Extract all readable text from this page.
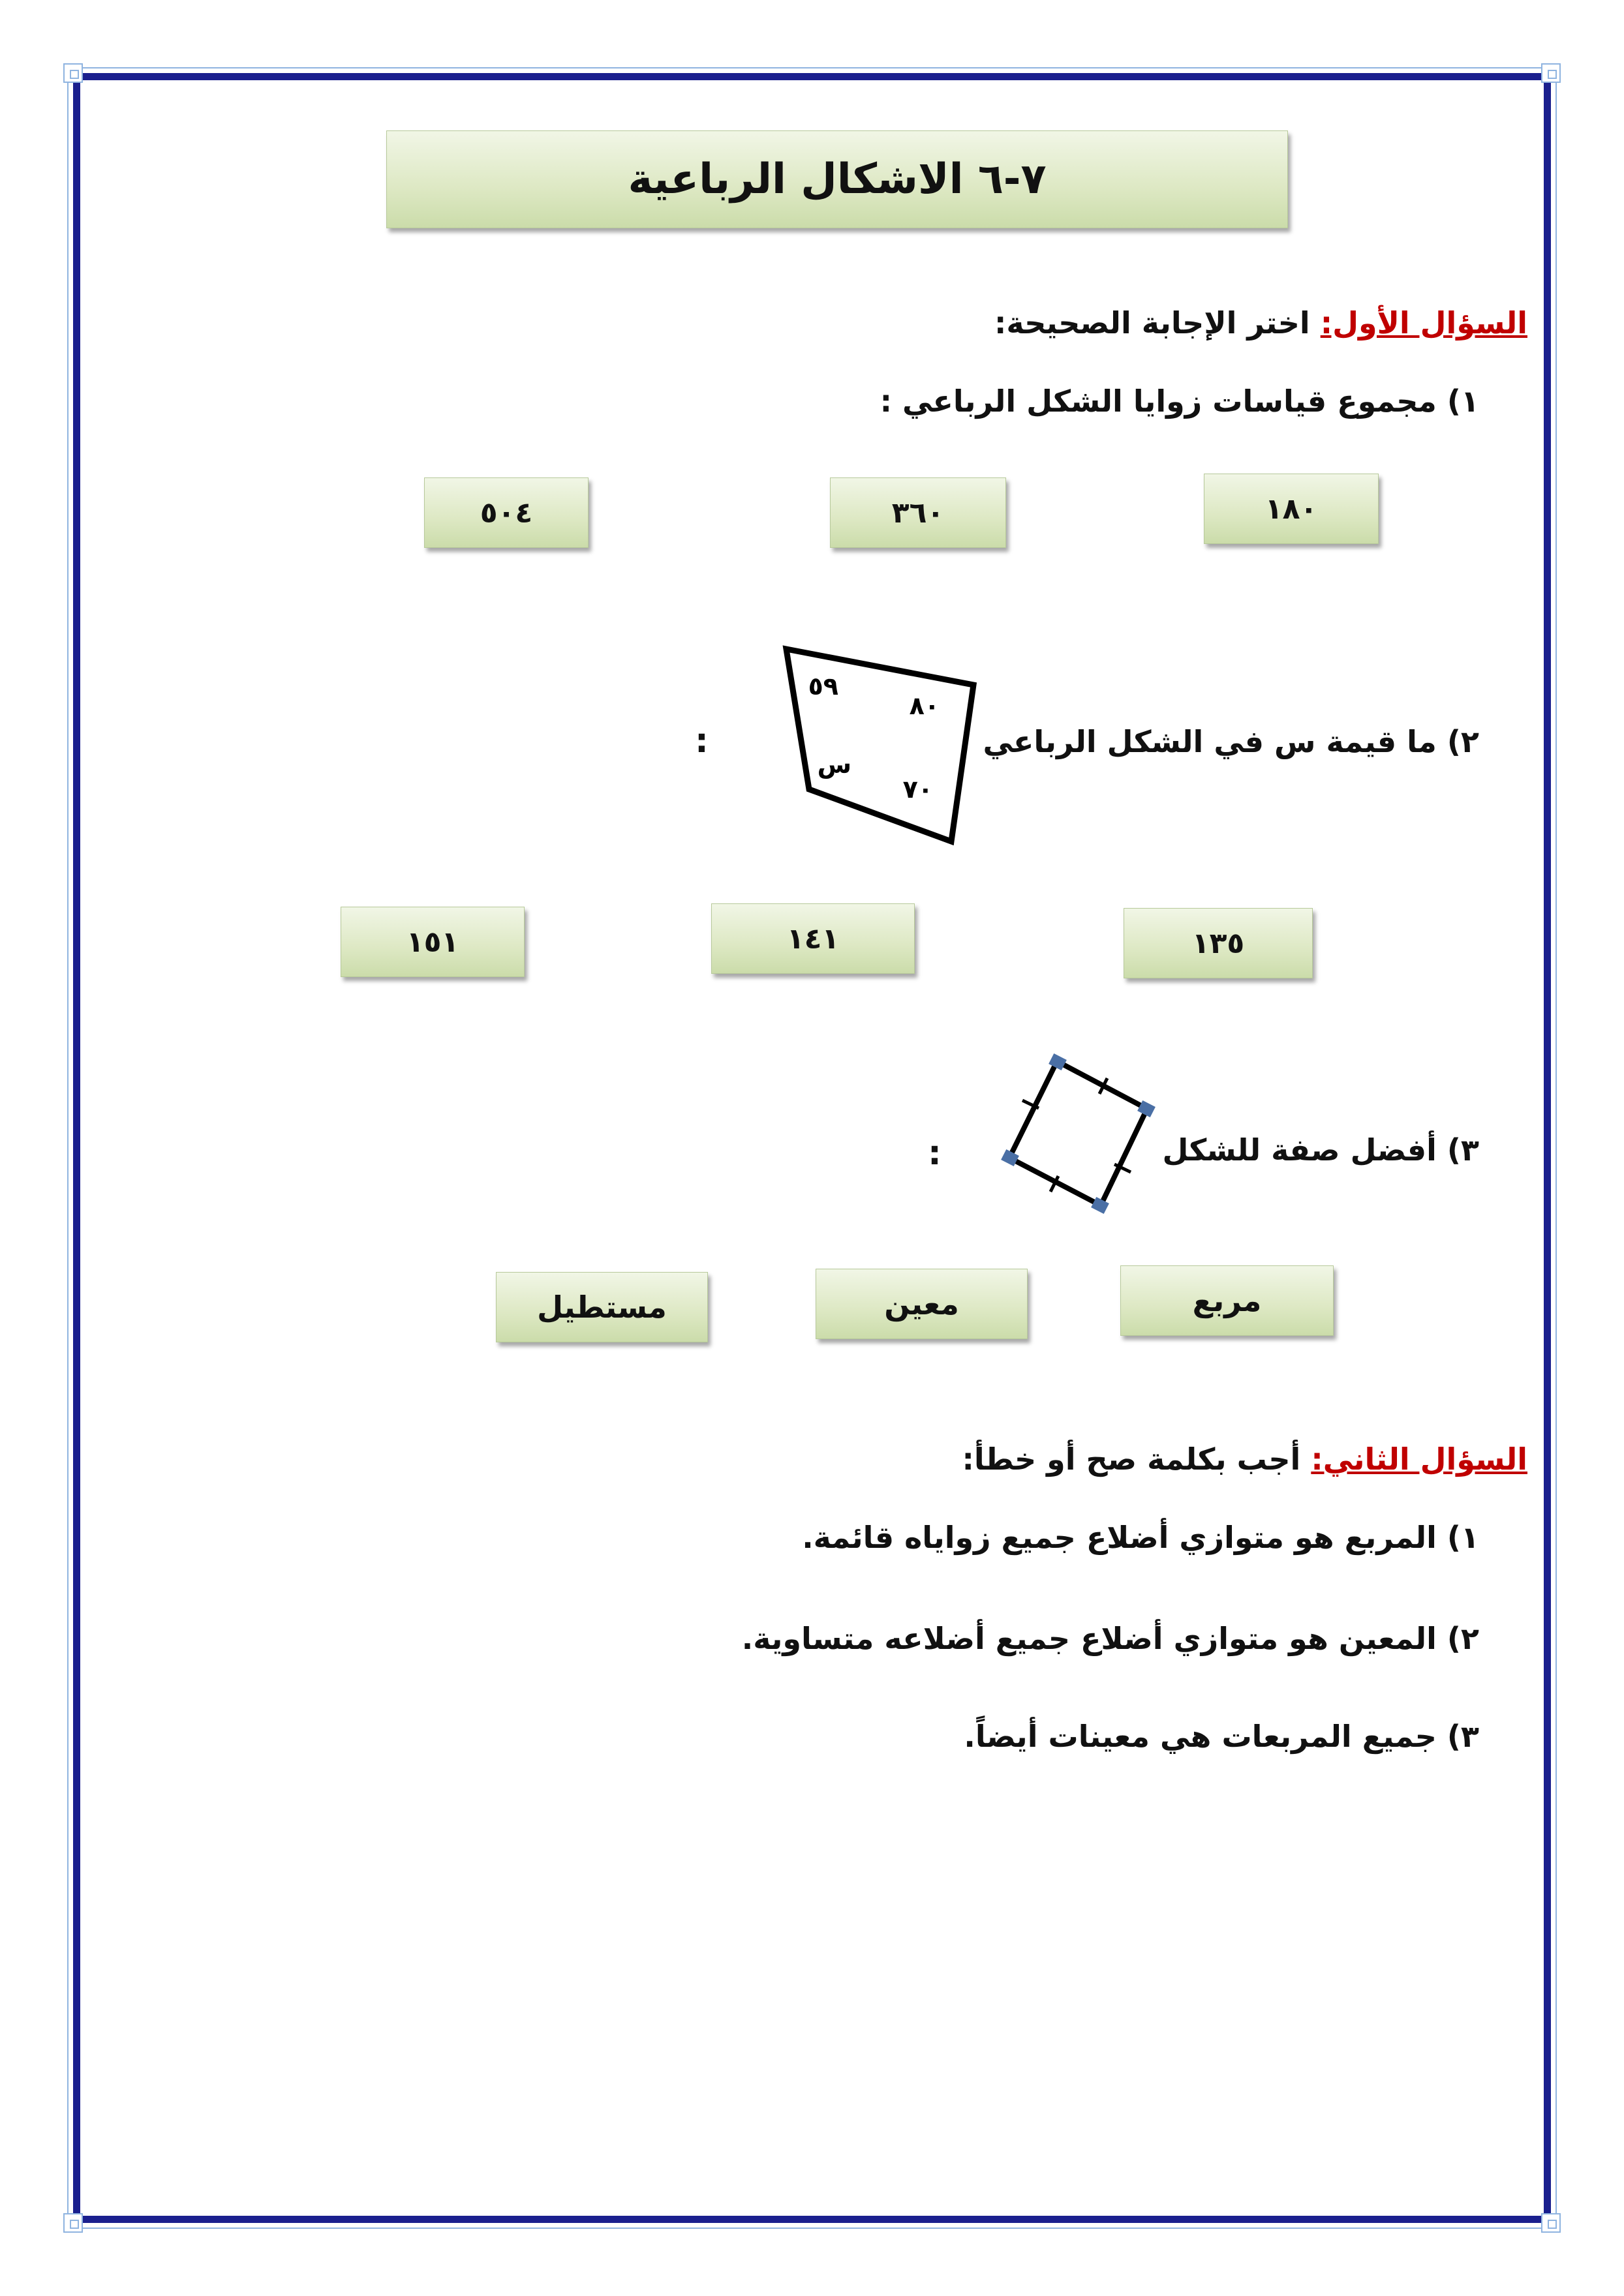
٧-٦ الاشكال الرباعية
السؤال الأول: اختر الإجابة الصحيحة:
١) مجموع قياسات زوايا الشكل الرباعي :
١٨٠
٣٦٠
٥٠٤
٢) ما قيمة س في الشكل الرباعي
:
٥٩
٨٠
س
٧٠
١٣٥
١٤١
١٥١
٣) أفضل صفة للشكل
:
مربع
معين
مستطيل
السؤال الثاني: أجب بكلمة صح أو خطأ:
١) المربع هو متوازي أضلاع جميع زواياه قائمة.
٢) المعين هو متوازي أضلاع جميع أضلاعه متساوية.
٣) جميع المربعات هي معينات أيضاً.
